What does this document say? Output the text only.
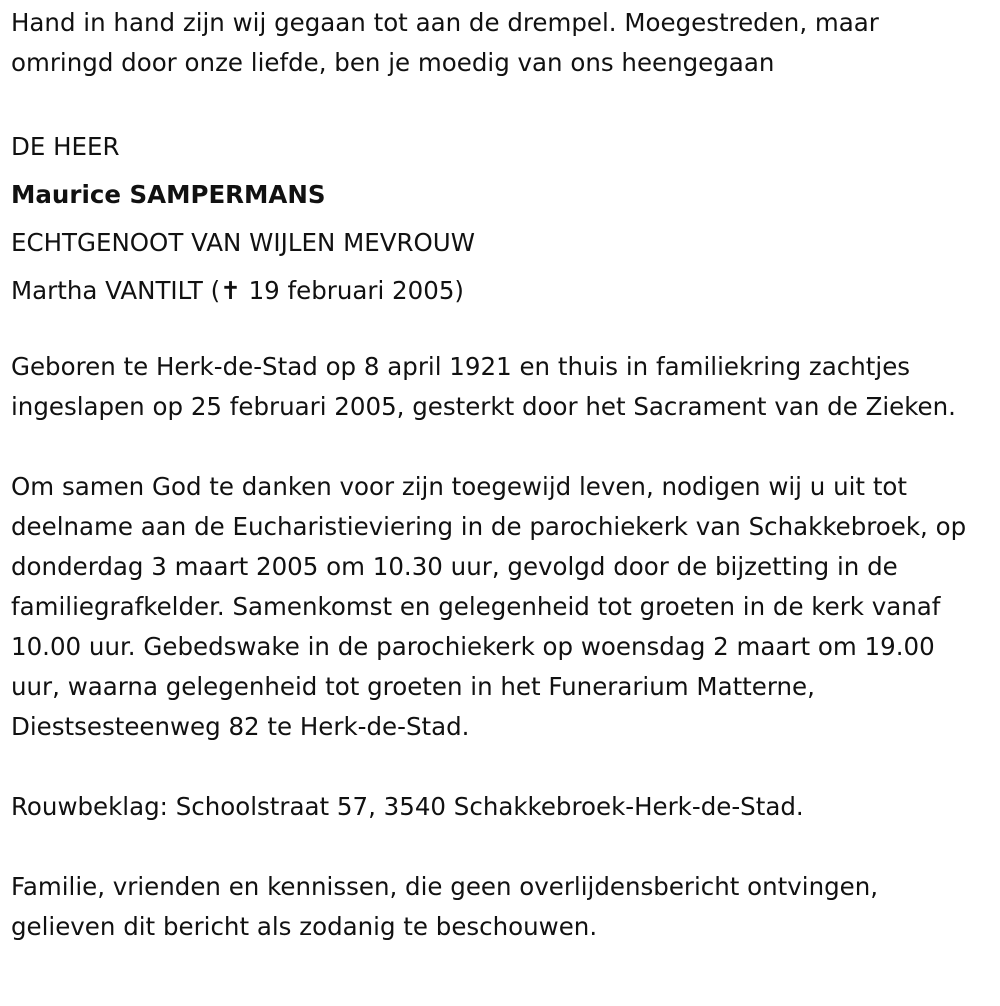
Hand in hand zijn wij gegaan tot aan de drempel. Moegestreden, maar omringd door onze liefde, ben je moedig van ons heengegaan

DE HEER
Maurice SAMPERMANS
ECHTGENOOT VAN WIJLEN MEVROUW
Martha VANTILT (✝ 19 februari 2005)

Geboren te Herk-de-Stad op 8 april 1921 en thuis in familiekring zachtjes ingeslapen op 25 februari 2005, gesterkt door het Sacrament van de Zieken.

Om samen God te danken voor zijn toegewijd leven, nodigen wij u uit tot deelname aan de Eucharistieviering in de parochiekerk van Schakkebroek, op donderdag 3 maart 2005 om 10.30 uur, gevolgd door de bijzetting in de familiegrafkelder. Samenkomst en gelegenheid tot groeten in de kerk vanaf 10.00 uur. Gebedswake in de parochiekerk op woensdag 2 maart om 19.00 uur, waarna gelegenheid tot groeten in het Funerarium Matterne, Diestsesteenweg 82 te Herk-de-Stad.

Rouwbeklag: Schoolstraat 57, 3540 Schakkebroek-Herk-de-Stad.

Familie, vrienden en kennissen, die geen overlijdensbericht ontvingen, gelieven dit bericht als zodanig te beschouwen.
